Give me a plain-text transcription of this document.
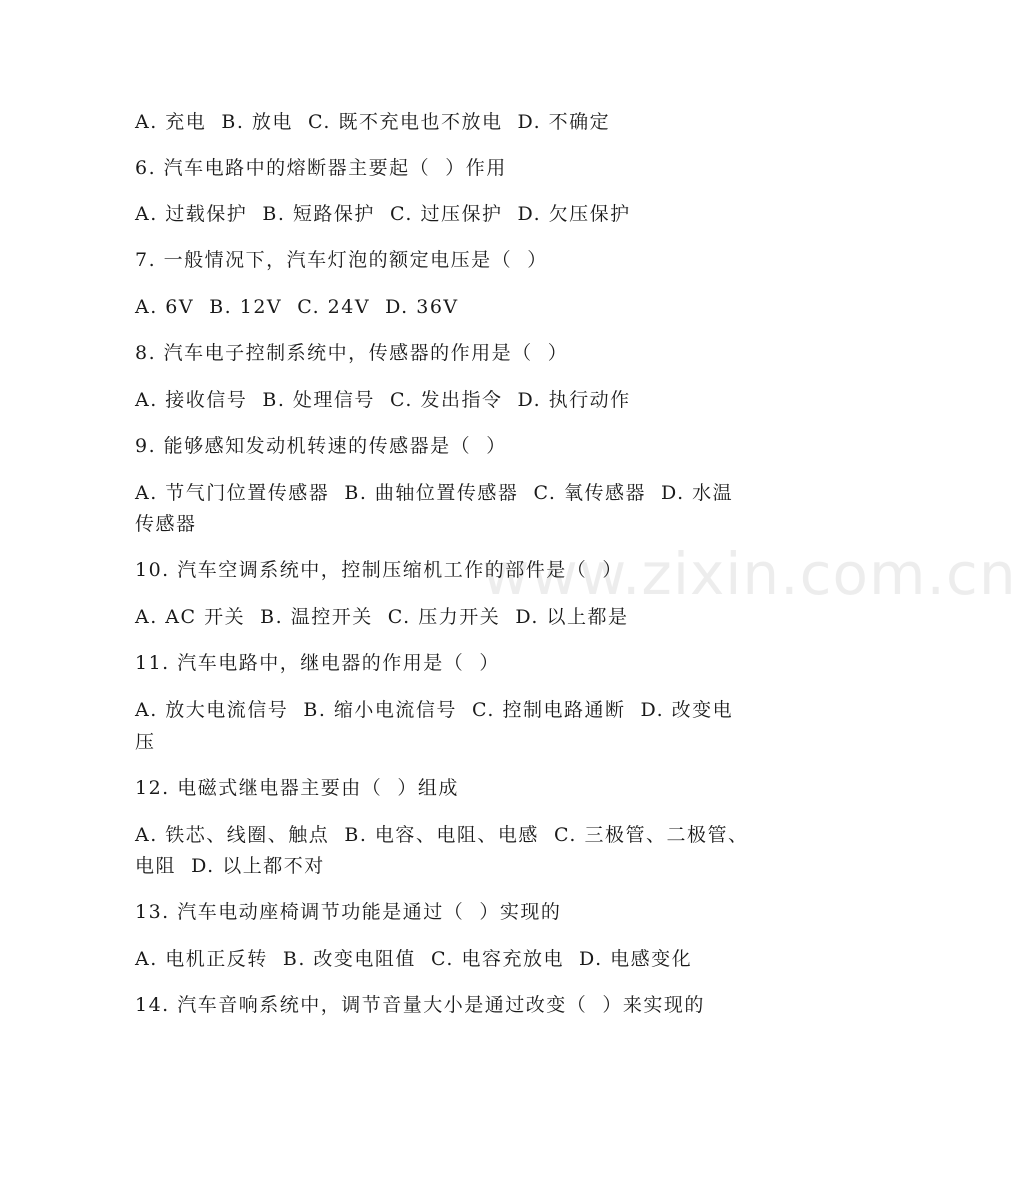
www.zixin.com.cn
A. 充电  B. 放电  C. 既不充电也不放电  D. 不确定
6. 汽车电路中的熔断器主要起（  ）作用
A. 过载保护  B. 短路保护  C. 过压保护  D. 欠压保护
7. 一般情况下，汽车灯泡的额定电压是（  ）
A. 6V  B. 12V  C. 24V  D. 36V
8. 汽车电子控制系统中，传感器的作用是（  ）
A. 接收信号  B. 处理信号  C. 发出指令  D. 执行动作
9. 能够感知发动机转速的传感器是（  ）
A. 节气门位置传感器  B. 曲轴位置传感器  C. 氧传感器  D. 水温
传感器
10. 汽车空调系统中，控制压缩机工作的部件是（  ）
A. AC 开关  B. 温控开关  C. 压力开关  D. 以上都是
11. 汽车电路中，继电器的作用是（  ）
A. 放大电流信号  B. 缩小电流信号  C. 控制电路通断  D. 改变电
压
12. 电磁式继电器主要由（  ）组成
A. 铁芯、线圈、触点  B. 电容、电阻、电感  C. 三极管、二极管、
电阻  D. 以上都不对
13. 汽车电动座椅调节功能是通过（  ）实现的
A. 电机正反转  B. 改变电阻值  C. 电容充放电  D. 电感变化
14. 汽车音响系统中，调节音量大小是通过改变（  ）来实现的
